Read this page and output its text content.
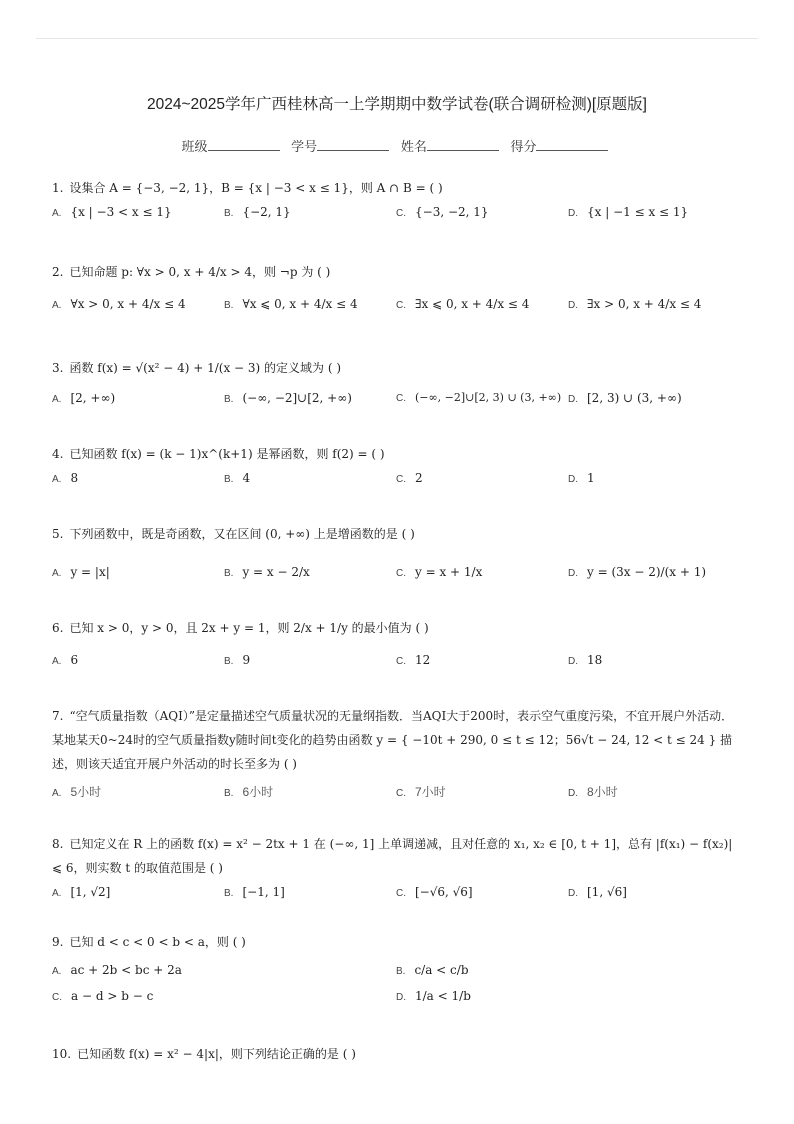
2024~2025学年广西桂林高一上学期期中数学试卷(联合调研检测)[原题版]
班级	学号	姓名	得分
1. 设集合 A = {−3, −2, 1}，B = {x | −3 < x ≤ 1}，则 A ∩ B = ( )
A. {x | −3 < x ≤ 1}	B. {−2, 1}	C. {−3, −2, 1}	D. {x | −1 ≤ x ≤ 1}
2. 已知命题 p: ∀x > 0, x + 4/x > 4，则 ¬p 为 ( )
A. ∀x > 0, x + 4/x ≤ 4	B. ∀x ⩽ 0, x + 4/x ≤ 4	C. ∃x ⩽ 0, x + 4/x ≤ 4	D. ∃x > 0, x + 4/x ≤ 4
3. 函数 f(x) = √(x² − 4) + 1/(x − 3) 的定义域为 ( )
A. [2, +∞)	B. (−∞, −2]∪[2, +∞)	C. (−∞, −2]∪[2, 3) ∪ (3, +∞) D. [2, 3) ∪ (3, +∞)
4. 已知函数 f(x) = (k − 1)x^(k+1) 是幂函数，则 f(2) = ( )
A. 8	B. 4	C. 2	D. 1
5. 下列函数中，既是奇函数，又在区间 (0, +∞) 上是增函数的是 ( )
A. y = |x|	B. y = x − 2/x	C. y = x + 1/x	D. y = (3x − 2)/(x + 1)
6. 已知 x > 0，y > 0，且 2x + y = 1，则 2/x + 1/y 的最小值为 ( )
A. 6	B. 9	C. 12	D. 18
7. “空气质量指数（AQI）”是定量描述空气质量状况的无量纲指数．当AQI大于200时，表示空气重度污染，不宜开展户外活动．某地某天0~24时的空气质量指数y随时间t变化的趋势由函数 y = { −10t + 290, 0 ≤ t ≤ 12；56√t − 24, 12 < t ≤ 24 } 描述，则该天适宜开展户外活动的时长至多为 ( )
A. 5小时	B. 6小时	C. 7小时	D. 8小时
8. 已知定义在 R 上的函数 f(x) = x² − 2tx + 1 在 (−∞, 1] 上单调递减，且对任意的 x₁, x₂ ∈ [0, t + 1]，总有 |f(x₁) − f(x₂)| ⩽ 6，则实数 t 的取值范围是 ( )
A. [1, √2]	B. [−1, 1]	C. [−√6, √6]	D. [1, √6]
9. 已知 d < c < 0 < b < a，则 ( )
A. ac + 2b < bc + 2a	B. c/a < c/b
C. a − d > b − c	D. 1/a < 1/b
10. 已知函数 f(x) = x² − 4|x|，则下列结论正确的是 ( )
